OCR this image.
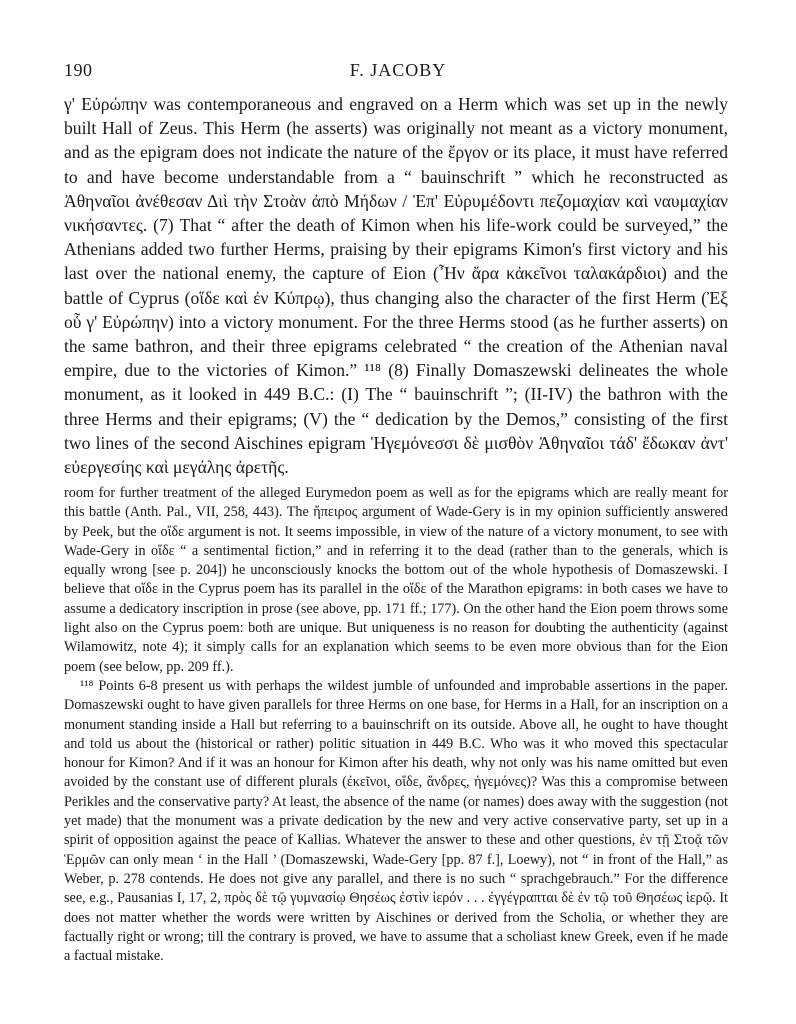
190	F. JACOBY

γ' Εὐρώπην was contemporaneous and engraved on a Herm which was set up in the newly built Hall of Zeus. This Herm (he asserts) was originally not meant as a victory monument, and as the epigram does not indicate the nature of the ἔργον or its place, it must have referred to and have become understandable from a “ bauinschrift ” which he reconstructed as Ἀθηναῖοι ἀνέθεσαν Διὶ τὴν Στοὰν ἀπὸ Μήδων / Ἐπ' Εὐρυμέδοντι πεζομαχίαν καὶ ναυμαχίαν νικήσαντες. (7) That “ after the death of Kimon when his life-work could be surveyed,” the Athenians added two further Herms, praising by their epigrams Kimon's first victory and his last over the national enemy, the capture of Eion (Ἦν ἄρα κἀκεῖνοι ταλακάρδιοι) and the battle of Cyprus (οἵδε καὶ ἐν Κύπρῳ), thus changing also the character of the first Herm (Ἐξ οὗ γ' Εὐρώπην) into a victory monument. For the three Herms stood (as he further asserts) on the same bathron, and their three epigrams celebrated “ the creation of the Athenian naval empire, due to the victories of Kimon.” ¹¹⁸ (8) Finally Domaszewski delineates the whole monument, as it looked in 449 B.C.: (I) The “ bauinschrift ”; (II-IV) the bathron with the three Herms and their epigrams; (V) the “ dedication by the Demos,” consisting of the first two lines of the second Aischines epigram Ἡγεμόνεσσι δὲ μισθὸν Ἀθηναῖοι τάδ' ἔδωκαν ἀντ' εὐεργεσίης καὶ μεγάλης ἀρετῆς.

room for further treatment of the alleged Eurymedon poem as well as for the epigrams which are really meant for this battle (Anth. Pal., VII, 258, 443). The ἤπειρος argument of Wade-Gery is in my opinion sufficiently answered by Peek, but the οἵδε argument is not. It seems impossible, in view of the nature of a victory monument, to see with Wade-Gery in οἵδε “ a sentimental fiction,” and in referring it to the dead (rather than to the generals, which is equally wrong [see p. 204]) he unconsciously knocks the bottom out of the whole hypothesis of Domaszewski. I believe that οἵδε in the Cyprus poem has its parallel in the οἵδε of the Marathon epigrams: in both cases we have to assume a dedicatory inscription in prose (see above, pp. 171 ff.; 177). On the other hand the Eion poem throws some light also on the Cyprus poem: both are unique. But uniqueness is no reason for doubting the authenticity (against Wilamowitz, note 4); it simply calls for an explanation which seems to be even more obvious than for the Eion poem (see below, pp. 209 ff.).

¹¹⁸ Points 6-8 present us with perhaps the wildest jumble of unfounded and improbable assertions in the paper. Domaszewski ought to have given parallels for three Herms on one base, for Herms in a Hall, for an inscription on a monument standing inside a Hall but referring to a bauinschrift on its outside. Above all, he ought to have thought and told us about the (historical or rather) politic situation in 449 B.C. Who was it who moved this spectacular honour for Kimon? And if it was an honour for Kimon after his death, why not only was his name omitted but even avoided by the constant use of different plurals (ἐκεῖνοι, οἵδε, ἄνδρες, ἡγεμόνες)? Was this a compromise between Perikles and the conservative party? At least, the absence of the name (or names) does away with the suggestion (not yet made) that the monument was a private dedication by the new and very active conservative party, set up in a spirit of opposition against the peace of Kallias. Whatever the answer to these and other questions, ἐν τῇ Στοᾷ τῶν Ἑρμῶν can only mean ‘ in the Hall ’ (Domaszewski, Wade-Gery [pp. 87 f.], Loewy), not “ in front of the Hall,” as Weber, p. 278 contends. He does not give any parallel, and there is no such “ sprachgebrauch.” For the difference see, e.g., Pausanias I, 17, 2, πρὸς δὲ τῷ γυμνασίῳ Θησέως ἐστὶν ἱερόν . . . ἐγγέγραπται δὲ ἐν τῷ τοῦ Θησέως ἱερῷ. It does not matter whether the words were written by Aischines or derived from the Scholia, or whether they are factually right or wrong; till the contrary is proved, we have to assume that a scholiast knew Greek, even if he made a factual mistake.
